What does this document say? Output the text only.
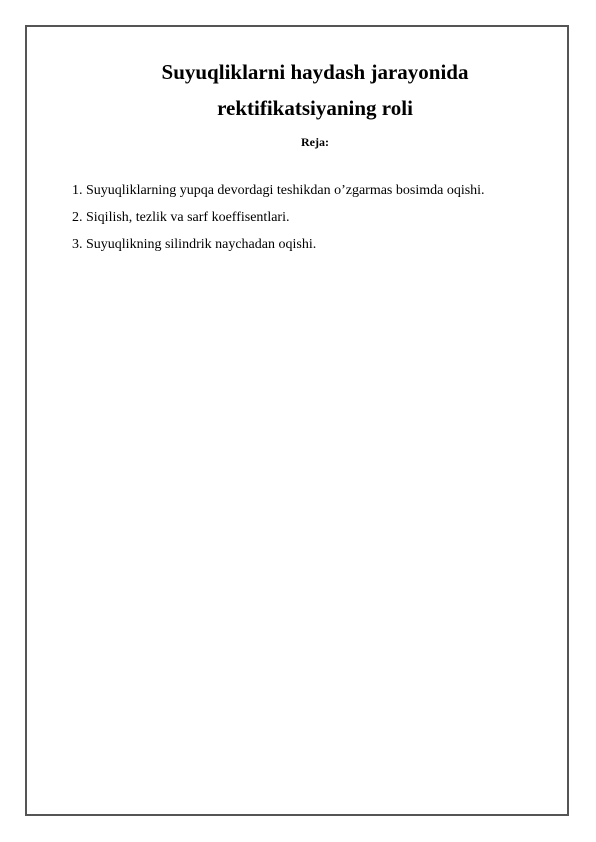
Suyuqliklarni haydash jarayonida
rektifikatsiyaning roli
Reja:
1. Suyuqliklarning yupqa devordagi teshikdan o’zgarmas bosimda oqishi.
2. Siqilish, tezlik va sarf koeffisentlari.
3. Suyuqlikning silindrik naychadan oqishi.
